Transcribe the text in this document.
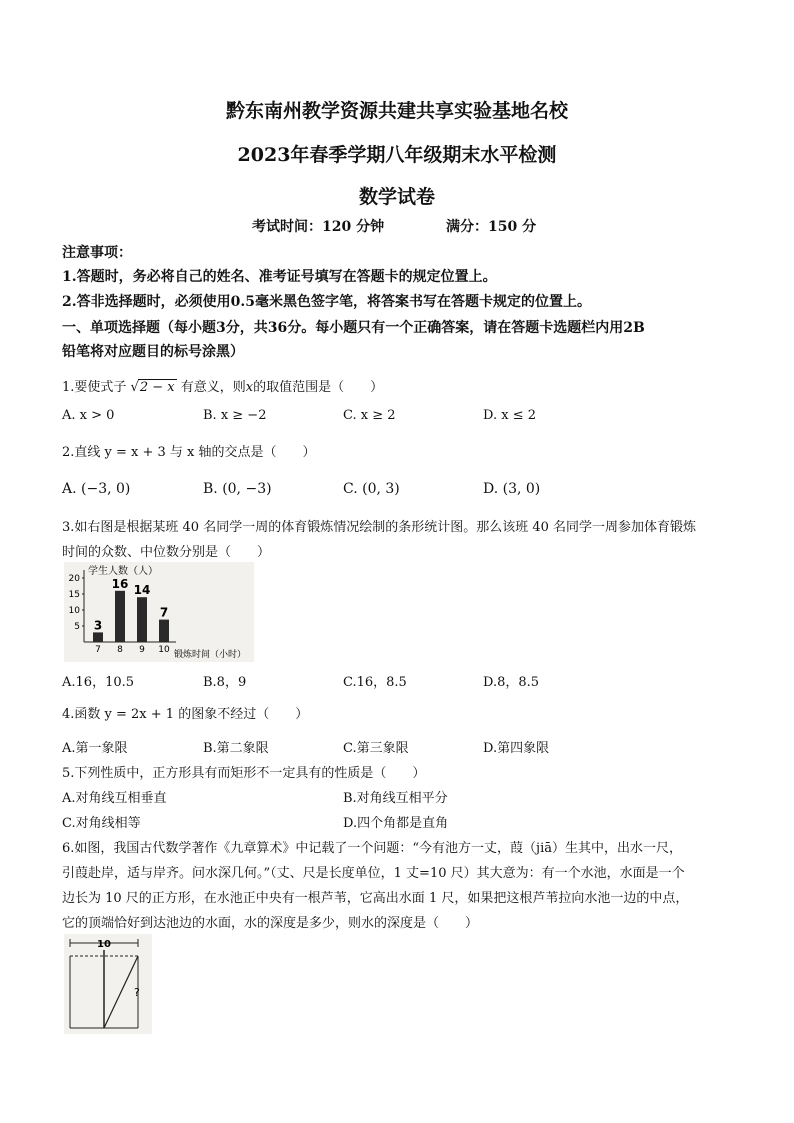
黔东南州教学资源共建共享实验基地名校
2023年春季学期八年级期末水平检测
数学试卷
考试时间：120 分钟	满分：150 分
注意事项：
1.答题时，务必将自己的姓名、准考证号填写在答题卡的规定位置上。
2.答非选择题时，必须使用0.5毫米黑色签字笔，将答案书写在答题卡规定的位置上。
一、单项选择题（每小题3分，共36分。每小题只有一个正确答案，请在答题卡选题栏内用2B
铅笔将对应题目的标号涂黑）
1.要使式子 √2 − x 有意义，则x的取值范围是（　　）
A. x > 0	B. x ≥ −2	C. x ≥ 2	D. x ≤ 2
2.直线 y = x + 3 与 x 轴的交点是（　　）
A. (−3, 0)	B. (0, −3)	C. (0, 3)	D. (3, 0)
3.如右图是根据某班 40 名同学一周的体育锻炼情况绘制的条形统计图。那么该班 40 名同学一周参加体育锻炼
时间的众数、中位数分别是（　　）
学生人数（人）
锻炼时间（小时）
5
10
15
20
3
7
16
8
14
9
7
10
A.16，10.5	B.8，9	C.16，8.5	D.8，8.5
4.函数 y = 2x + 1 的图象不经过（　　）
A.第一象限	B.第二象限	C.第三象限	D.第四象限
5.下列性质中，正方形具有而矩形不一定具有的性质是（　　）
A.对角线互相垂直	B.对角线互相平分
C.对角线相等	D.四个角都是直角
6.如图，我国古代数学著作《九章算术》中记载了一个问题：“今有池方一丈，葭（jiā）生其中，出水一尺，
引葭赴岸，适与岸齐。问水深几何。”（丈、尺是长度单位，1 丈=10 尺）其大意为：有一个水池，水面是一个
边长为 10 尺的正方形，在水池正中央有一根芦苇，它高出水面 1 尺，如果把这根芦苇拉向水池一边的中点，
它的顶端恰好到达池边的水面，水的深度是多少，则水的深度是（　　）
10
?
